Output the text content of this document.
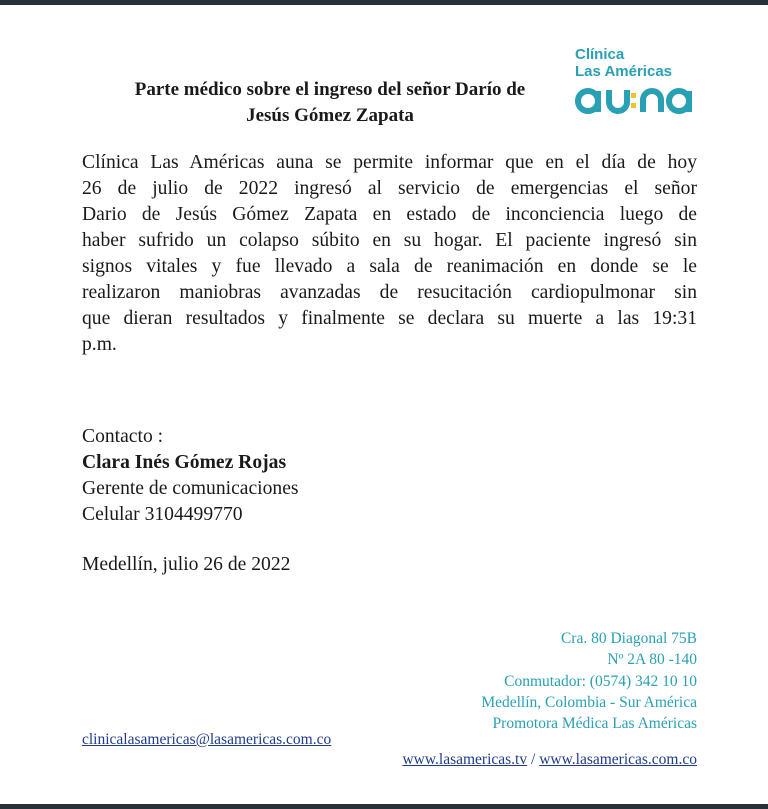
Parte médico sobre el ingreso del señor Darío de
Jesús Gómez Zapata
Clínica
Las Américas
Clínica Las Américas auna se permite informar que en el día de hoy
26 de julio de 2022 ingresó al servicio de emergencias el señor
Dario de Jesús Gómez Zapata en estado de inconciencia luego de
haber sufrido un colapso súbito en su hogar. El paciente ingresó sin
signos vitales y fue llevado a sala de reanimación en donde se le
realizaron maniobras avanzadas de resucitación cardiopulmonar sin
que dieran resultados y finalmente se declara su muerte a las 19:31
p.m.
Contacto :
Clara Inés Gómez Rojas
Gerente de comunicaciones
Celular 3104499770
Medellín, julio 26 de 2022
Cra. 80 Diagonal 75B
Nº 2A 80 -140
Conmutador: (0574) 342 10 10
Medellín, Colombia - Sur América
Promotora Médica Las Américas
clinicalasamericas@lasamericas.com.co
www.lasamericas.tv / www.lasamericas.com.co
